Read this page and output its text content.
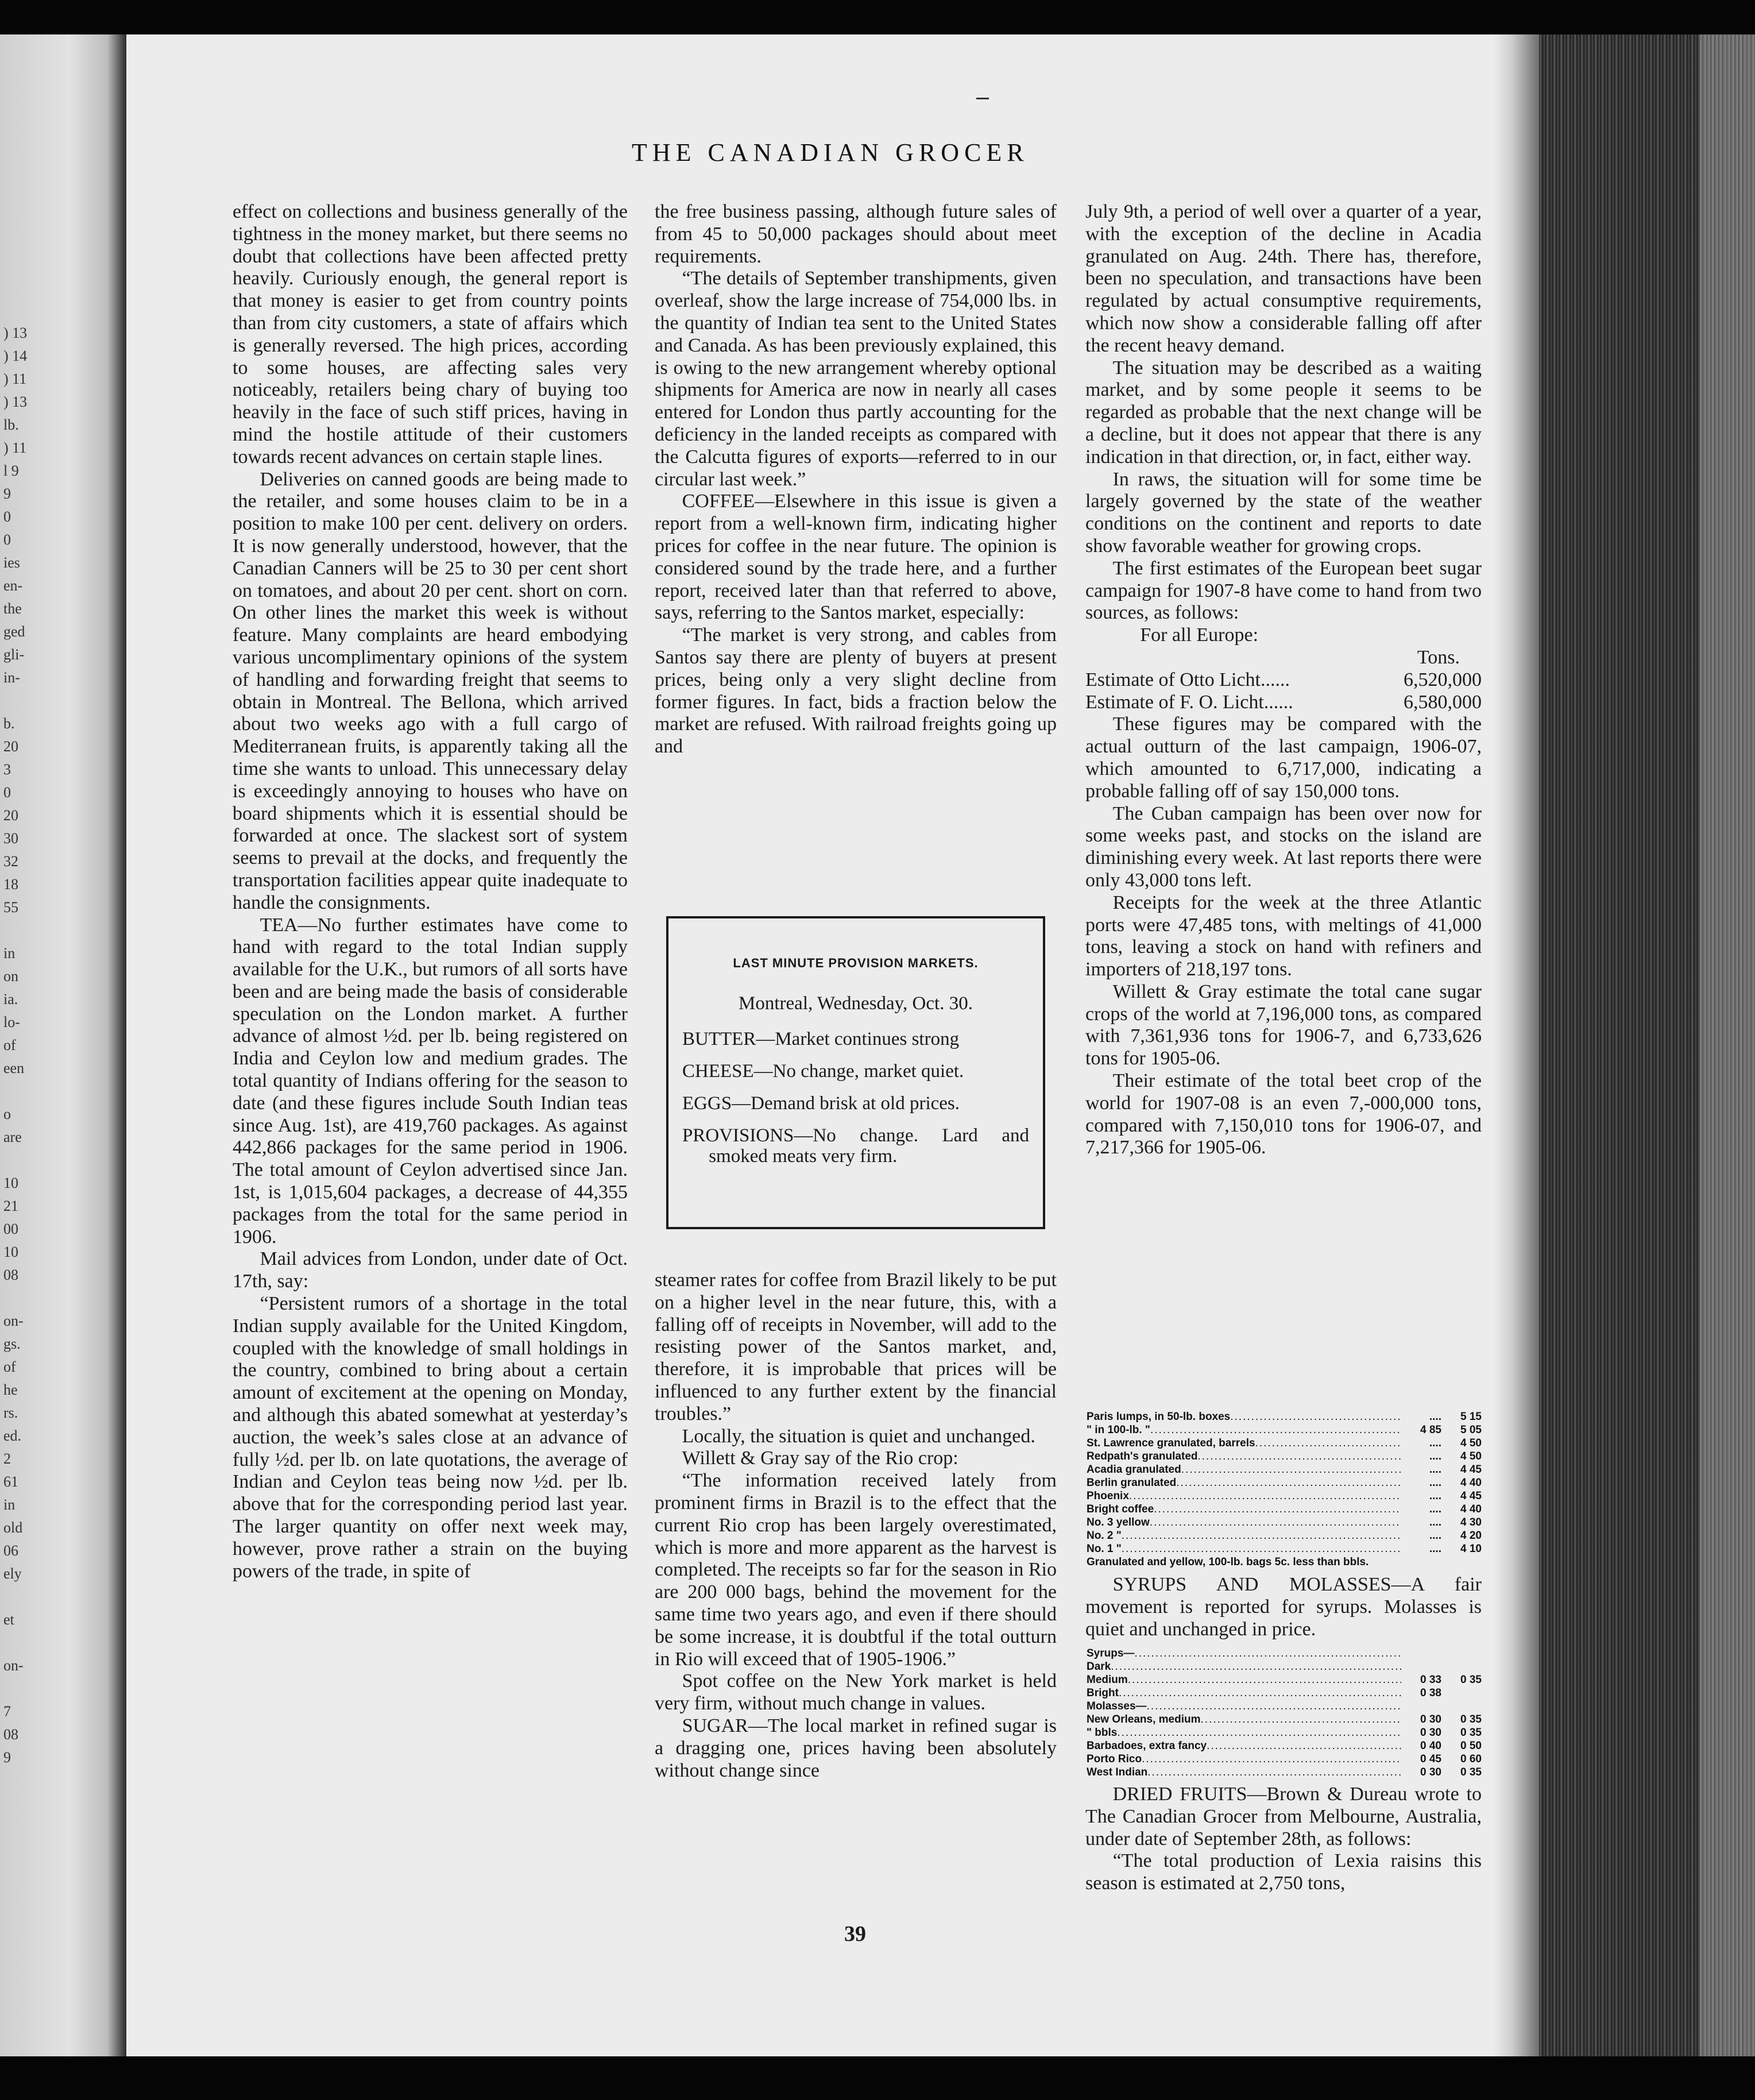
) 13
) 14
) 11
) 13
lb.
) 11
l 9
9
0
0
ies
en-
the
ged
gli-
in-
b.
20
3
0
20
30
32
18
55
in
on
ia.
lo-
of
een
o
are
10
21
00
10
08
on-
gs.
of
he
rs.
ed.
2
61
in
old
06
ely
et
on-
7
08
9
THE CANADIAN GROCER

effect on collections and business generally of the tightness in the money market, but there seems no doubt that collections have been affected pretty heavily. Curiously enough, the general report is that money is easier to get from country points than from city customers, a state of affairs which is generally reversed. The high prices, according to some houses, are affecting sales very noticeably, retailers being chary of buying too heavily in the face of such stiff prices, having in mind the hostile attitude of their customers towards recent advances on certain staple lines.

Deliveries on canned goods are being made to the retailer, and some houses claim to be in a position to make 100 per cent. delivery on orders. It is now generally understood, however, that the Canadian Canners will be 25 to 30 per cent short on tomatoes, and about 20 per cent. short on corn. On other lines the market this week is without feature. Many complaints are heard embodying various uncomplimentary opinions of the system of handling and forwarding freight that seems to obtain in Montreal. The Bellona, which arrived about two weeks ago with a full cargo of Mediterranean fruits, is apparently taking all the time she wants to unload. This unnecessary delay is exceedingly annoying to houses who have on board shipments which it is essential should be forwarded at once. The slackest sort of system seems to prevail at the docks, and frequently the transportation facilities appear quite inadequate to handle the consignments.

TEA—No further estimates have come to hand with regard to the total Indian supply available for the U.K., but rumors of all sorts have been and are being made the basis of considerable speculation on the London market. A further advance of almost ½d. per lb. being registered on India and Ceylon low and medium grades. The total quantity of Indians offering for the season to date (and these figures include South Indian teas since Aug. 1st), are 419,760 packages. As against 442,866 packages for the same period in 1906. The total amount of Ceylon advertised since Jan. 1st, is 1,015,604 packages, a decrease of 44,355 packages from the total for the same period in 1906.

Mail advices from London, under date of Oct. 17th, say:

“Persistent rumors of a shortage in the total Indian supply available for the United Kingdom, coupled with the knowledge of small holdings in the country, combined to bring about a certain amount of excitement at the opening on Monday, and although this abated somewhat at yesterday’s auction, the week’s sales close at an advance of fully ½d. per lb. on late quotations, the average of Indian and Ceylon teas being now ½d. per lb. above that for the corresponding period last year. The larger quantity on offer next week may, however, prove rather a strain on the buying powers of the trade, in spite of

the free business passing, although future sales of from 45 to 50,000 packages should about meet requirements.

“The details of September transhipments, given overleaf, show the large increase of 754,000 lbs. in the quantity of Indian tea sent to the United States and Canada. As has been previously explained, this is owing to the new arrangement whereby optional shipments for America are now in nearly all cases entered for London thus partly accounting for the deficiency in the landed receipts as compared with the Calcutta figures of exports—referred to in our circular last week.”

COFFEE—Elsewhere in this issue is given a report from a well-known firm, indicating higher prices for coffee in the near future. The opinion is considered sound by the trade here, and a further report, received later than that referred to above, says, referring to the Santos market, especially:

“The market is very strong, and cables from Santos say there are plenty of buyers at present prices, being only a very slight decline from former figures. In fact, bids a fraction below the market are refused. With railroad freights going up and

LAST MINUTE PROVISION MARKETS.
Montreal, Wednesday, Oct. 30.
BUTTER—Market continues strong
CHEESE—No change, market quiet.
EGGS—Demand brisk at old prices.
PROVISIONS—No change. Lard and smoked meats very firm.

steamer rates for coffee from Brazil likely to be put on a higher level in the near future, this, with a falling off of receipts in November, will add to the resisting power of the Santos market, and, therefore, it is improbable that prices will be influenced to any further extent by the financial troubles.”

Locally, the situation is quiet and unchanged.

Willett & Gray say of the Rio crop:

“The information received lately from prominent firms in Brazil is to the effect that the current Rio crop has been largely overestimated, which is more and more apparent as the harvest is completed. The receipts so far for the season in Rio are 200 000 bags, behind the movement for the same time two years ago, and even if there should be some increase, it is doubtful if the total outturn in Rio will exceed that of 1905-1906.”

Spot coffee on the New York market is held very firm, without much change in values.

SUGAR—The local market in refined sugar is a dragging one, prices having been absolutely without change since

July 9th, a period of well over a quarter of a year, with the exception of the decline in Acadia granulated on Aug. 24th. There has, therefore, been no speculation, and transactions have been regulated by actual consumptive requirements, which now show a considerable falling off after the recent heavy demand.

The situation may be described as a waiting market, and by some people it seems to be regarded as probable that the next change will be a decline, but it does not appear that there is any indication in that direction, or, in fact, either way.

In raws, the situation will for some time be largely governed by the state of the weather conditions on the continent and reports to date show favorable weather for growing crops.

The first estimates of the European beet sugar campaign for 1907-8 have come to hand from two sources, as follows:

For all Europe:

Tons.
Estimate of Otto Licht......	6,520,000
Estimate of F. O. Licht......	6,580,000

These figures may be compared with the actual outturn of the last campaign, 1906-07, which amounted to 6,717,000, indicating a probable falling off of say 150,000 tons.

The Cuban campaign has been over now for some weeks past, and stocks on the island are diminishing every week. At last reports there were only 43,000 tons left.

Receipts for the week at the three Atlantic ports were 47,485 tons, with meltings of 41,000 tons, leaving a stock on hand with refiners and importers of 218,197 tons.

Willett & Gray estimate the total cane sugar crops of the world at 7,196,000 tons, as compared with 7,361,936 tons for 1906-7, and 6,733,626 tons for 1905-06.

Their estimate of the total beet crop of the world for 1907-08 is an even 7,-000,000 tons, compared with 7,150,010 tons for 1906-07, and 7,217,366 for 1905-06.

Paris lumps, in 50-lb. boxes .....	....	5 15
" in 100-lb. " .....	4 85	5 05
St. Lawrence granulated, barrels .....	....	4 50
Redpath's granulated .....	....	4 50
Acadia granulated .....	....	4 45
Berlin granulated .....	....	4 40
Phoenix .....	....	4 45
Bright coffee .....	....	4 40
No. 3 yellow .....	....	4 30
No. 2 " .....	....	4 20
No. 1 " .....	....	4 10
Granulated and yellow, 100-lb. bags 5c. less than bbls.

SYRUPS AND MOLASSES—A fair movement is reported for syrups. Molasses is quiet and unchanged in price.

Syrups—
.....
Dark
.....
Medium .....	0 33	0 35
Bright .....	0 38
Molasses—
.....
New Orleans, medium .....	0 30	0 35
" bbls .....	0 30	0 35
Barbadoes, extra fancy .....	0 40	0 50
Porto Rico .....	0 45	0 60
West Indian .....	0 30	0 35

DRIED FRUITS—Brown & Dureau wrote to The Canadian Grocer from Melbourne, Australia, under date of September 28th, as follows:

“The total production of Lexia raisins this season is estimated at 2,750 tons,

39
